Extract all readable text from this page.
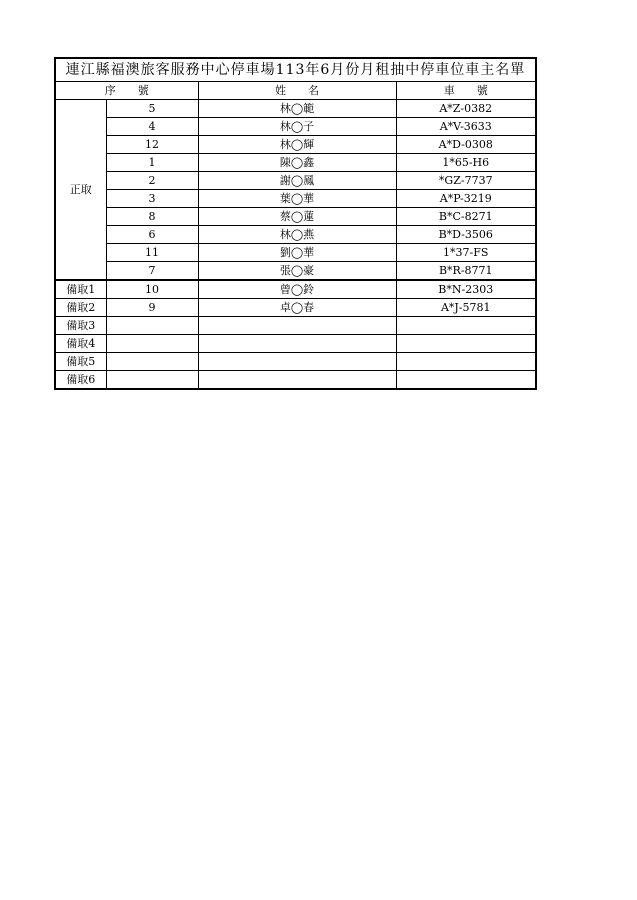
連江縣福澳旅客服務中心停車場113年6月份月租抽中停車位車主名單			
序　　號		姓　　名	車　　號
正取	5	林◯範	A*Z-0382
	4	林◯子	A*V-3633
	12	林◯輝	A*D-0308
	1	陳◯鑫	1*65-H6
	2	謝◯鳳	*GZ-7737
	3	葉◯華	A*P-3219
	8	蔡◯蓮	B*C-8271
	6	林◯燕	B*D-3506
	11	劉◯華	1*37-FS
	7	張◯豪	B*R-8771
備取1	10	曾◯鈴	B*N-2303
備取2	9	卓◯春	A*J-5781
備取3			
備取4			
備取5			
備取6			
